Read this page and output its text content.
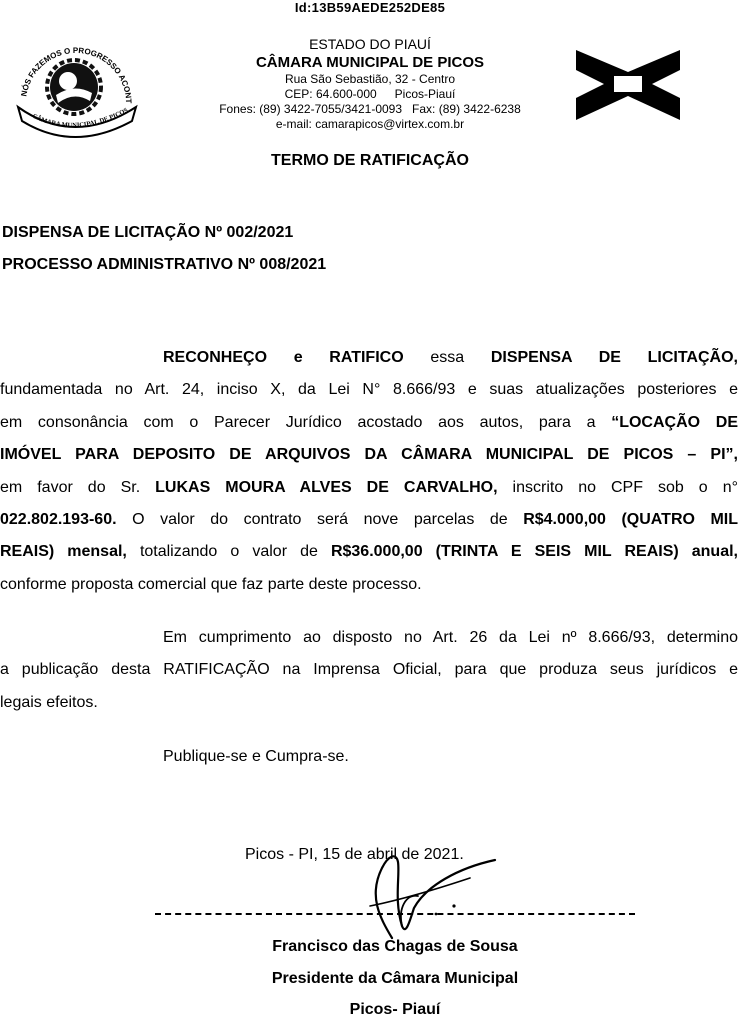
Id:13B59AEDE252DE85
NÓS FAZEMOS O PROGRESSO ACONT
CÂMARA MUNICIPAL DE PICOS
ESTADO DO PIAUÍ
CÂMARA MUNICIPAL DE PICOS
Rua São Sebastião, 32 - Centro
CEP: 64.600-000 Picos-Piauí
Fones: (89) 3422-7055/3421-0093 Fax: (89) 3422-6238
e-mail: camarapicos@virtex.com.br
TERMO DE RATIFICAÇÃO
DISPENSA DE LICITAÇÃO Nº 002/2021
PROCESSO ADMINISTRATIVO Nº 008/2021
RECONHEÇO e RATIFICO essa DISPENSA DE LICITAÇÃO,
fundamentada no Art. 24, inciso X, da Lei N° 8.666/93 e suas atualizações posteriores e
em consonância com o Parecer Jurídico acostado aos autos, para a “LOCAÇÃO DE
IMÓVEL PARA DEPOSITO DE ARQUIVOS DA CÂMARA MUNICIPAL DE PICOS – PI”,
em favor do Sr. LUKAS MOURA ALVES DE CARVALHO, inscrito no CPF sob o n°
022.802.193-60. O valor do contrato será nove parcelas de R$4.000,00 (QUATRO MIL
REAIS) mensal, totalizando o valor de R$36.000,00 (TRINTA E SEIS MIL REAIS) anual,
conforme proposta comercial que faz parte deste processo.
Em cumprimento ao disposto no Art. 26 da Lei nº 8.666/93, determino
a publicação desta RATIFICAÇÃO na Imprensa Oficial, para que produza seus jurídicos e
legais efeitos.
Publique-se e Cumpra-se.
Picos - PI, 15 de abril de 2021.
Francisco das Chagas de Sousa
Presidente da Câmara Municipal
Picos- Piauí
